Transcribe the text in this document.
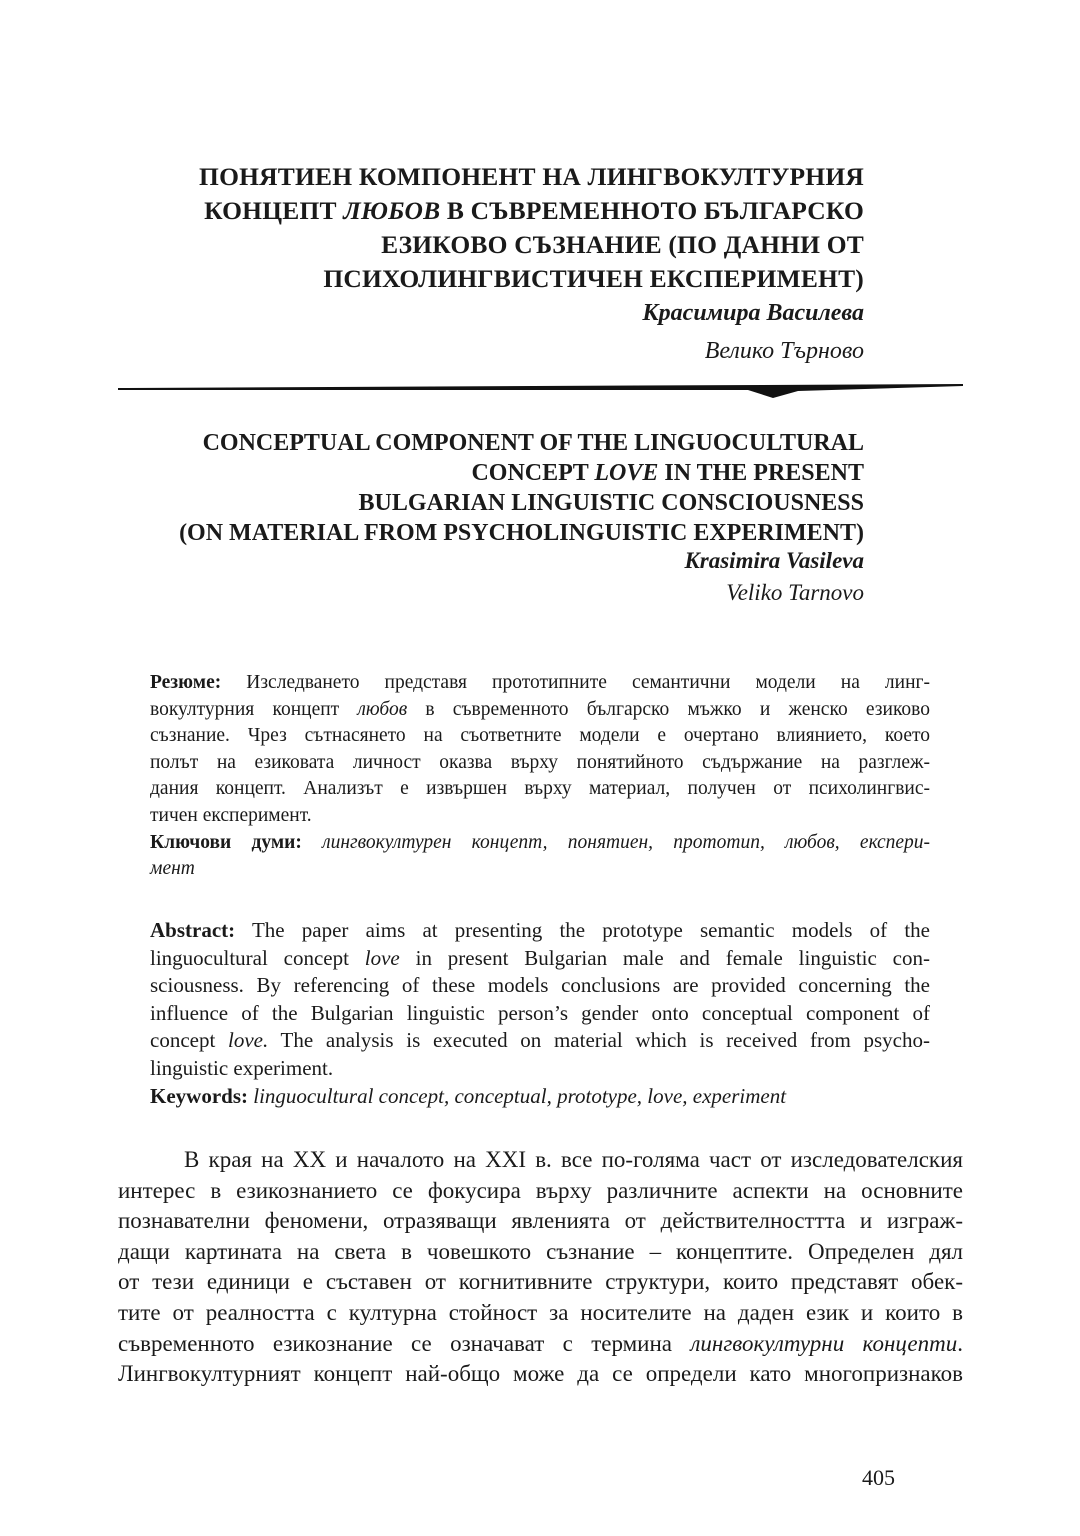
ПОНЯТИЕН КОМПОНЕНТ НА ЛИНГВОКУЛТУРНИЯ
КОНЦЕПТ ЛЮБОВ В СЪВРЕМЕННОТО БЪЛГАРСКО
ЕЗИКОВО СЪЗНАНИЕ (ПО ДАННИ ОТ
ПСИХОЛИНГВИСТИЧЕН ЕКСПЕРИМЕНТ)
Красимира Василева
Велико Търново
CONCEPTUAL COMPONENT OF THE LINGUOCULTURAL
CONCEPT LOVE IN THE PRESENT
BULGARIAN LINGUISTIC CONSCIOUSNESS
(ON MATERIAL FROM PSYCHOLINGUISTIC EXPERIMENT)
Krasimira Vasileva
Veliko Tarnovo
Резюме: Изследването представя прототипните семантични модели на линг-
вокултурния концепт любов в съвременното българско мъжко и женско езиково
съзнание. Чрез сътнасянето на съответните модели е очертано влиянието, което
полът на езиковата личност оказва върху понятийното съдържание на разглеж-
дания концепт. Анализът е извършен върху материал, получен от психолингвис-
тичен експеримент.
Ключови думи: лингвокултурен концепт, понятиен, прототип, любов, експери-
мент
Abstract: The paper aims at presenting the prototype semantic models of the
linguocultural concept love in present Bulgarian male and female linguistic con-
sciousness. By referencing of these models conclusions are provided concerning the
influence of the Bulgarian linguistic person’s gender onto conceptual component of
concept love. The analysis is executed on material which is received from psycho-
linguistic experiment.
Keywords: linguocultural concept, conceptual, prototype, love, experiment
В края на ХХ и началото на ХХІ в. все по-голяма част от изследователския
интерес в езикознанието се фокусира върху различните аспекти на основните
познавателни феномени, отразяващи явленията от действителносттта и изграж-
дащи картината на света в човешкото съзнание – концептите. Определен дял
от тези единици е съставен от когнитивните структури, които представят обек-
тите от реалността с културна стойност за носителите на даден език и които в
съвременното езикознание се означават с термина лингвокултурни концепти.
Лингвокултурният концепт най-общо може да се определи като многопризнаков
405
